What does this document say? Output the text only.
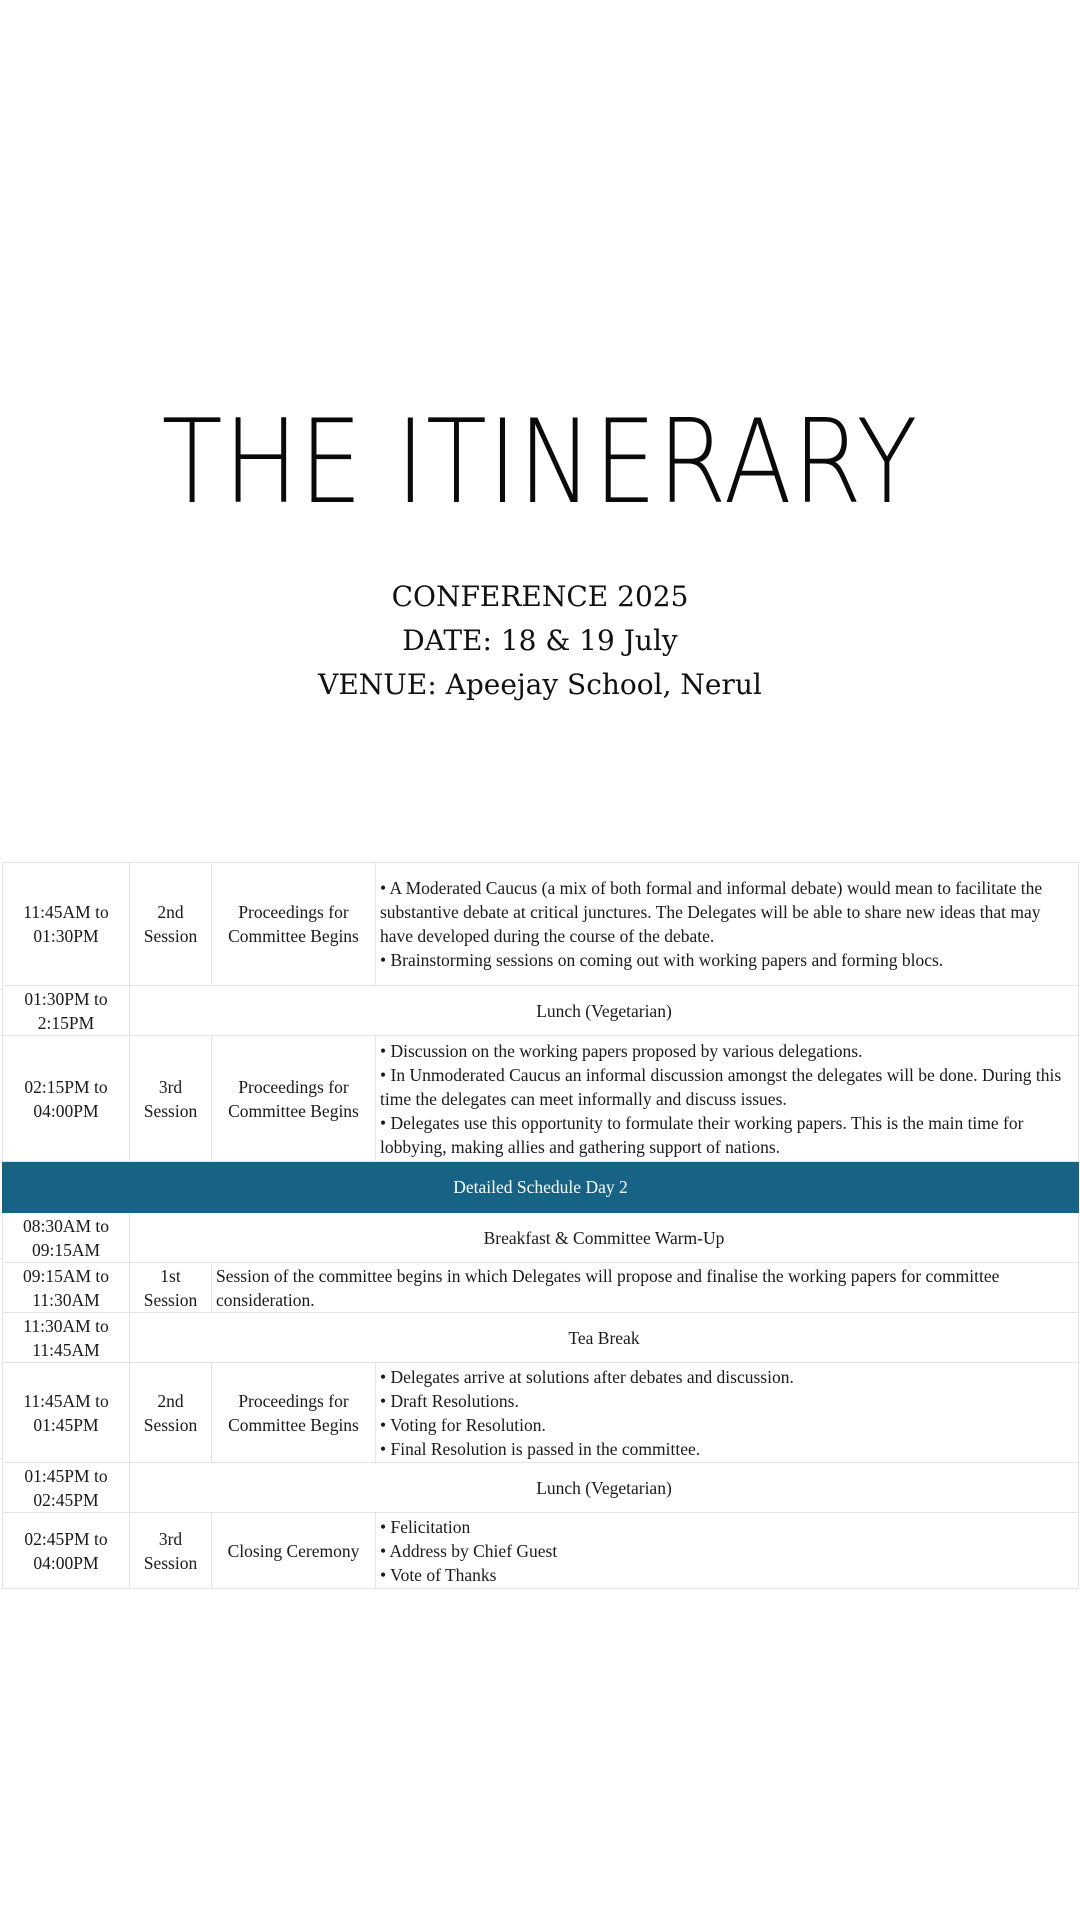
THE ITINERARY
CONFERENCE 2025
DATE: 18 & 19 July
VENUE: Apeejay School, Nerul
11:45AM to 01:30PM	2nd Session	Proceedings for Committee Begins	• A Moderated Caucus (a mix of both formal and informal debate) would mean to facilitate the substantive debate at critical junctures. The Delegates will be able to share new ideas that may have developed during the course of the debate.
• Brainstorming sessions on coming out with working papers and forming blocs.

01:30PM to 2:15PM	Lunch (Vegetarian)		
02:15PM to 04:00PM	3rd Session	Proceedings for Committee Begins	• Discussion on the working papers proposed by various delegations.
• In Unmoderated Caucus an informal discussion amongst the delegates will be done. During this time the delegates can meet informally and discuss issues.
• Delegates use this opportunity to formulate their working papers. This is the main time for lobbying, making allies and gathering support of nations.

Detailed Schedule Day 2			
08:30AM to 09:15AM	Breakfast & Committee Warm-Up		
09:15AM to 11:30AM	1st Session	Session of the committee begins in which Delegates will propose and finalise the working papers for committee consideration.	
11:30AM to 11:45AM	Tea Break		
11:45AM to 01:45PM	2nd Session	Proceedings for Committee Begins	• Delegates arrive at solutions after debates and discussion.
• Draft Resolutions.
• Voting for Resolution.
• Final Resolution is passed in the committee.

01:45PM to 02:45PM	Lunch (Vegetarian)		
02:45PM to 04:00PM	3rd Session	Closing Ceremony	• Felicitation
• Address by Chief Guest
• Vote of Thanks
